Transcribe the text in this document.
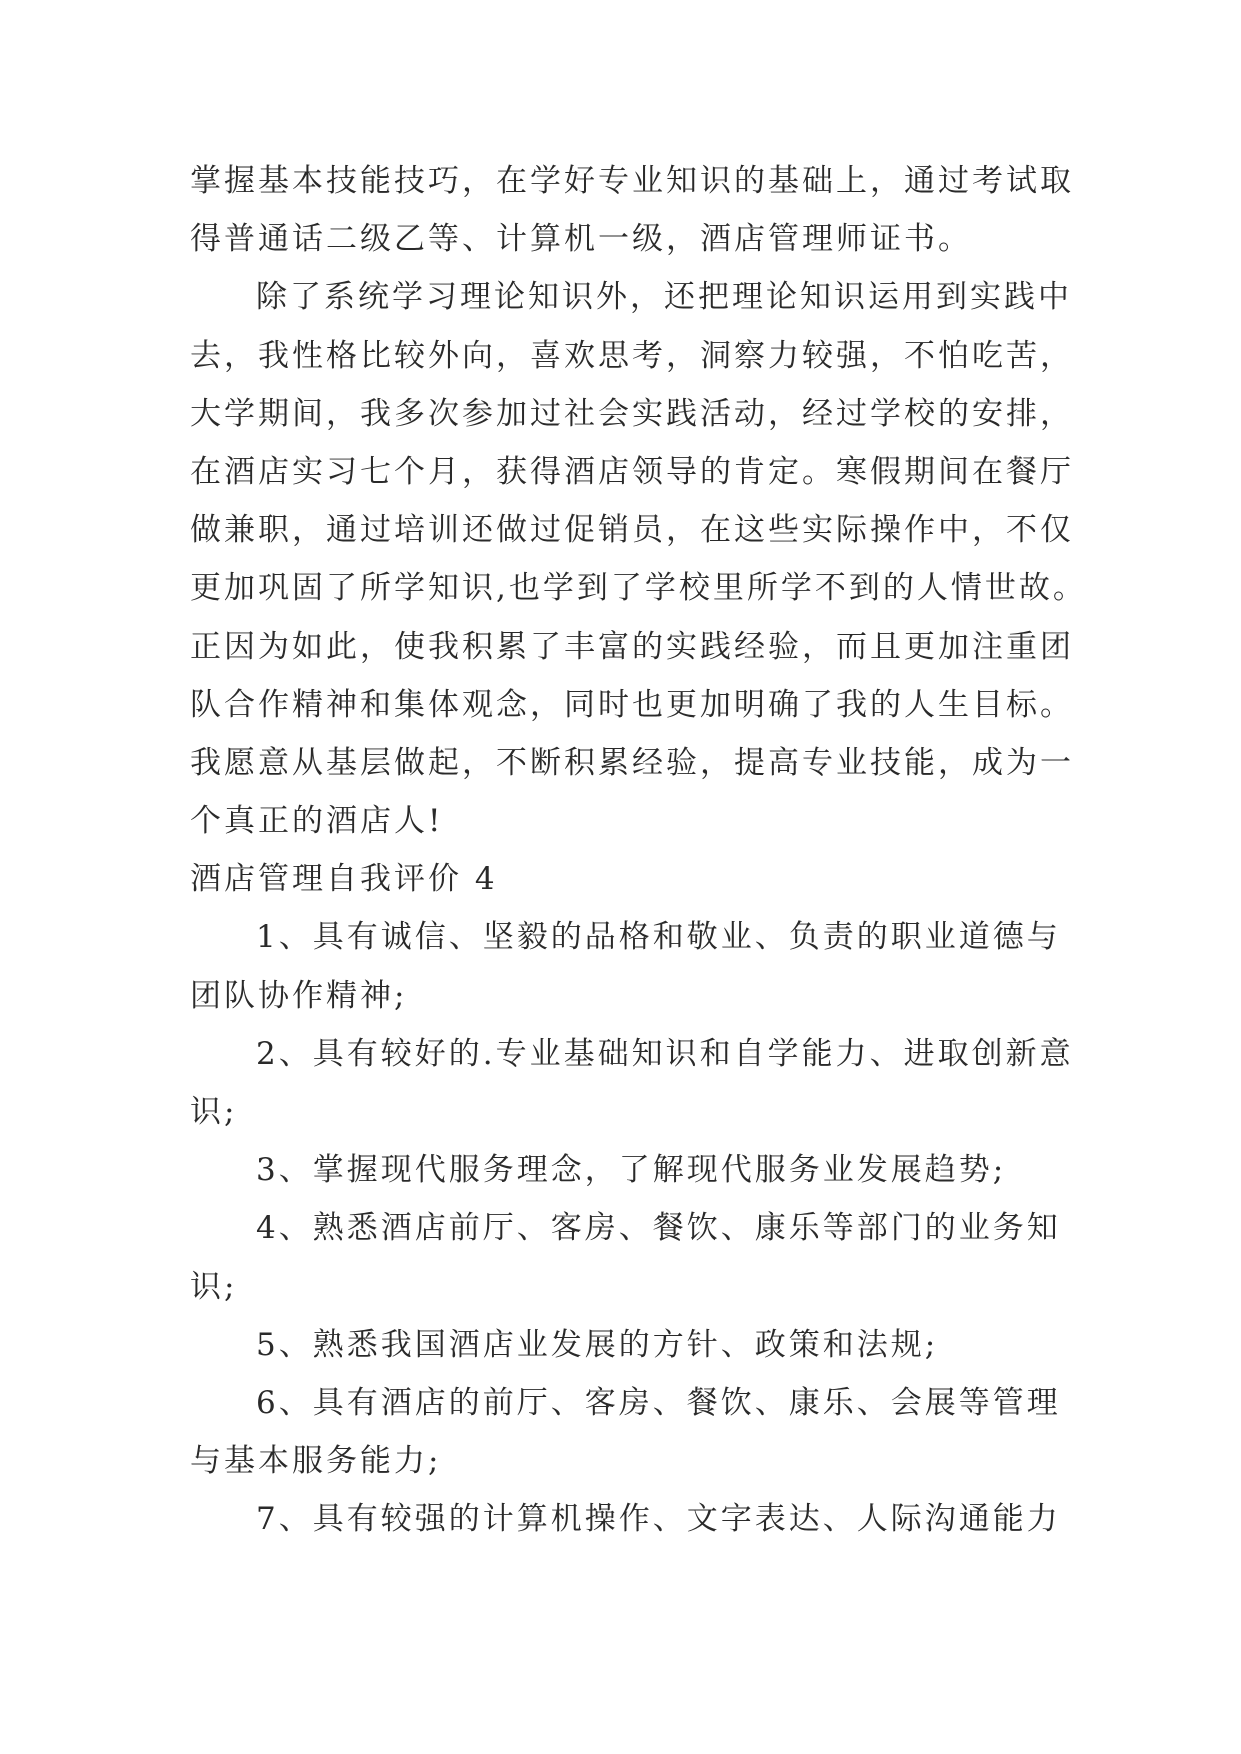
掌握基本技能技巧，在学好专业知识的基础上，通过考试取
得普通话二级乙等、计算机一级，酒店管理师证书。
除了系统学习理论知识外，还把理论知识运用到实践中
去，我性格比较外向，喜欢思考，洞察力较强，不怕吃苦，
大学期间，我多次参加过社会实践活动，经过学校的安排，
在酒店实习七个月，获得酒店领导的肯定。寒假期间在餐厅
做兼职，通过培训还做过促销员，在这些实际操作中，不仅
更加巩固了所学知识,也学到了学校里所学不到的人情世故。
正因为如此，使我积累了丰富的实践经验，而且更加注重团
队合作精神和集体观念，同时也更加明确了我的人生目标。
我愿意从基层做起，不断积累经验，提高专业技能，成为一
个真正的酒店人!
酒店管理自我评价 4
1、具有诚信、坚毅的品格和敬业、负责的职业道德与
团队协作精神;
2、具有较好的.专业基础知识和自学能力、进取创新意
识;
3、掌握现代服务理念，了解现代服务业发展趋势;
4、熟悉酒店前厅、客房、餐饮、康乐等部门的业务知
识;
5、熟悉我国酒店业发展的方针、政策和法规;
6、具有酒店的前厅、客房、餐饮、康乐、会展等管理
与基本服务能力;
7、具有较强的计算机操作、文字表达、人际沟通能力
